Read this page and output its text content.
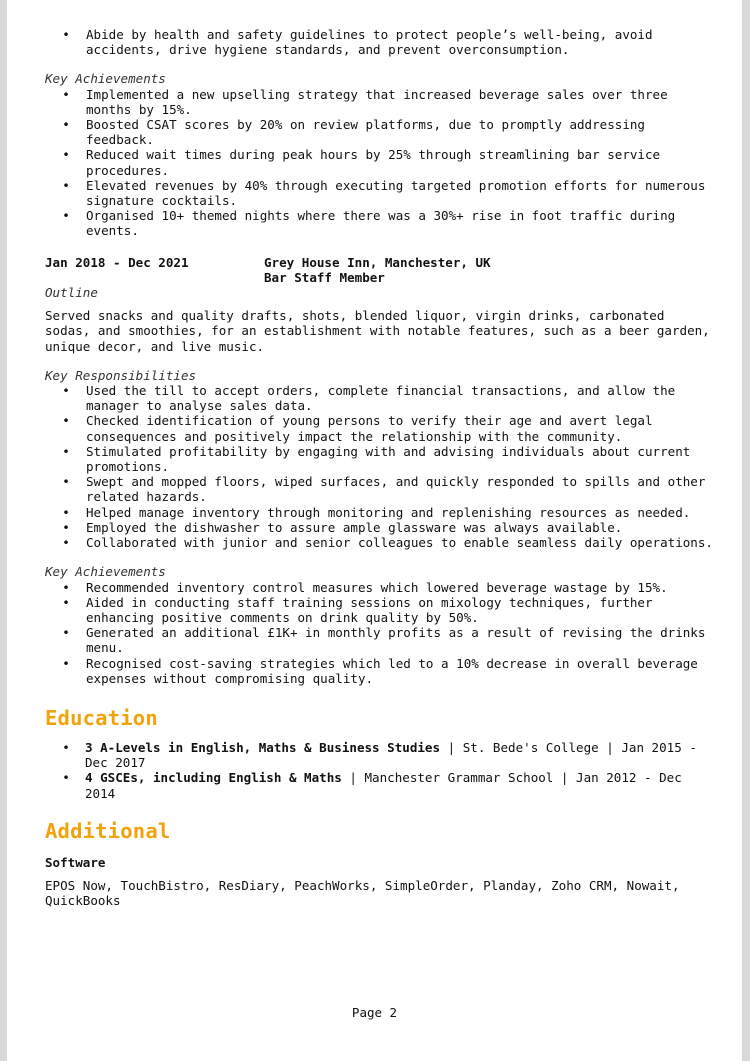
• Abide by health and safety guidelines to protect people’s well-being, avoid accidents, drive hygiene standards, and prevent overconsumption.
Key Achievements
• Implemented a new upselling strategy that increased beverage sales over three months by 15%.
• Boosted CSAT scores by 20% on review platforms, due to promptly addressing feedback.
• Reduced wait times during peak hours by 25% through streamlining bar service procedures.
• Elevated revenues by 40% through executing targeted promotion efforts for numerous signature cocktails.
• Organised 10+ themed nights where there was a 30%+ rise in foot traffic during events.
Jan 2018 - Dec 2021	Grey House Inn, Manchester, UK
Bar Staff Member
Outline
Served snacks and quality drafts, shots, blended liquor, virgin drinks, carbonated sodas, and smoothies, for an establishment with notable features, such as a beer garden, unique decor, and live music.
Key Responsibilities
• Used the till to accept orders, complete financial transactions, and allow the manager to analyse sales data.
• Checked identification of young persons to verify their age and avert legal consequences and positively impact the relationship with the community.
• Stimulated profitability by engaging with and advising individuals about current promotions.
• Swept and mopped floors, wiped surfaces, and quickly responded to spills and other related hazards.
• Helped manage inventory through monitoring and replenishing resources as needed.
• Employed the dishwasher to assure ample glassware was always available.
• Collaborated with junior and senior colleagues to enable seamless daily operations.
Key Achievements
• Recommended inventory control measures which lowered beverage wastage by 15%.
• Aided in conducting staff training sessions on mixology techniques, further enhancing positive comments on drink quality by 50%.
• Generated an additional £1K+ in monthly profits as a result of revising the drinks menu.
• Recognised cost-saving strategies which led to a 10% decrease in overall beverage expenses without compromising quality.
Education
• 3 A-Levels in English, Maths & Business Studies | St. Bede's College | Jan 2015 - Dec 2017
• 4 GSCEs, including English & Maths | Manchester Grammar School | Jan 2012 - Dec 2014
Additional
Software
EPOS Now, TouchBistro, ResDiary, PeachWorks, SimpleOrder, Planday, Zoho CRM, Nowait, QuickBooks
Page 2
